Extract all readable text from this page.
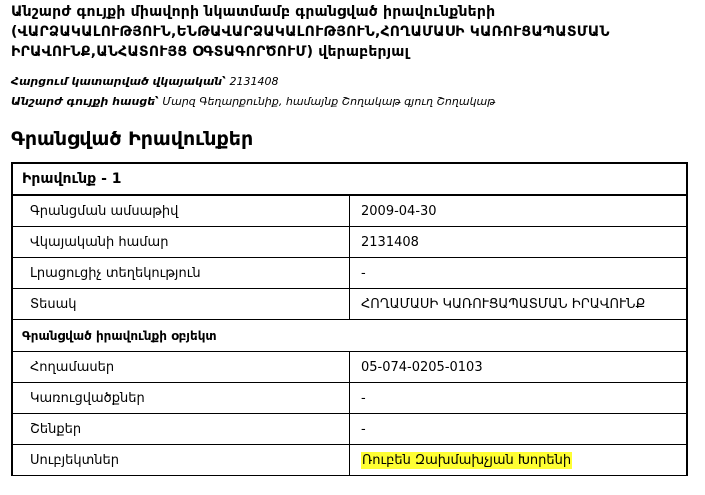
Անշարժ գույքի միավորի նկատմամբ գրանցված իրավունքների (ՎԱՐՁԱԿԱԼՈՒԹՅՈՒՆ,ԵՆԹԱՎԱՐՁԱԿԱԼՈՒԹՅՈՒՆ,ՀՈՂԱՄԱՍԻ ԿԱՌՈՒՑԱՊԱՏՄԱՆ ԻՐԱՎՈՒՆՔ,ԱՆՀԱՏՈՒՅՑ ՕԳՏԱԳՈՐԾՈՒՄ) վերաբերյալ
Հարցում կատարված վկայական՝ 2131408
Անշարժ գույքի հասցե՝ Մարզ Գեղարքունիք, համայնք Շողակաթ գյուղ Շողակաթ
Գրանցված Իրավունքեր
Իրավունք - 1
Գրանցման ամսաթիվ	2009-04-30
Վկայականի համար	2131408
Լրացուցիչ տեղեկություն	-
Տեսակ	ՀՈՂԱՄԱՍԻ ԿԱՌՈՒՑԱՊԱՏՄԱՆ ԻՐԱՎՈՒՆՔ
Գրանցված իրավունքի օբյեկտ
Հողամասեր	05-074-0205-0103
Կառուցվածքներ	-
Շենքեր	-
Սուբյեկտներ	Ռուբեն Զախմախչյան Խորենի
